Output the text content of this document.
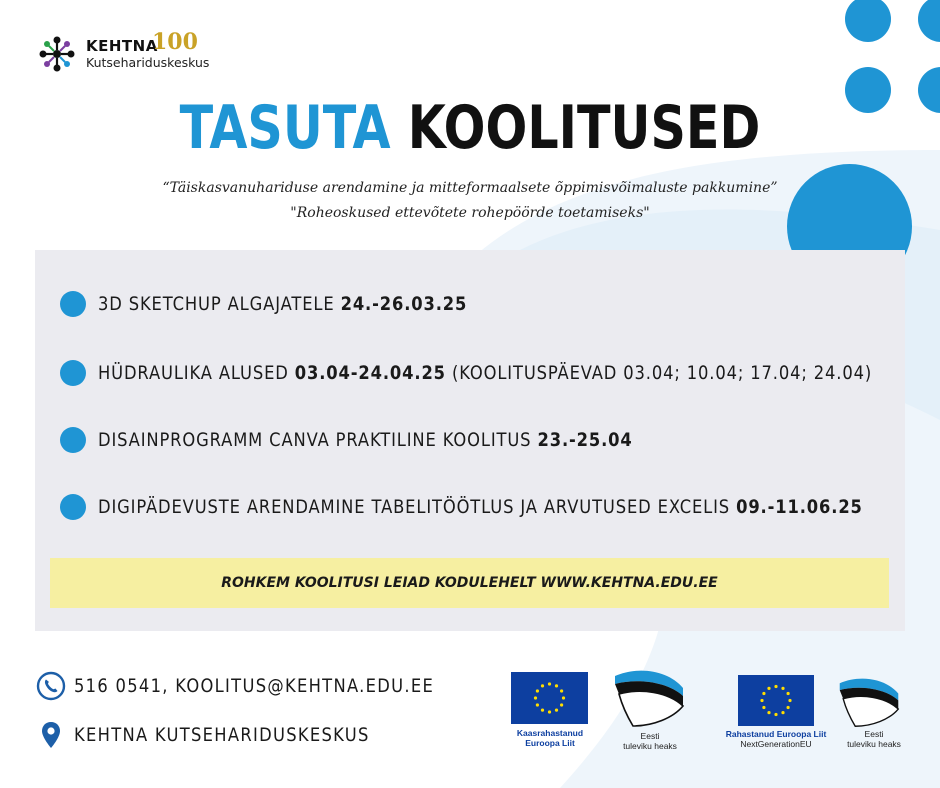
KEHTNA
100
Kutsehariduskeskus
TASUTA KOOLITUSED
“Täiskasvanuhariduse arendamine ja mitteformaalsete õppimisvõimaluste pakkumine”
"Roheoskused ettevõtete rohepöörde toetamiseks"
3D SKETCHUP ALGAJATELE 24.-26.03.25
HÜDRAULIKA ALUSED 03.04-24.04.25 (KOOLITUSPÄEVAD 03.04; 10.04; 17.04; 24.04)
DISAINPROGRAMM CANVA PRAKTILINE KOOLITUS 23.-25.04
DIGIPÄDEVUSTE ARENDAMINE TABELITÖÖTLUS JA ARVUTUSED EXCELIS 09.-11.06.25
ROHKEM KOOLITUSI LEIAD KODULEHELT WWW.KEHTNA.EDU.EE
516 0541, KOOLITUS@KEHTNA.EDU.EE
KEHTNA KUTSEHARIDUSKESKUS	Kaasrahastanud
Euroopa Liit
Eesti
tuleviku heaks
Rahastanud Euroopa Liit
NextGenerationEU
Eesti
tuleviku heaks
